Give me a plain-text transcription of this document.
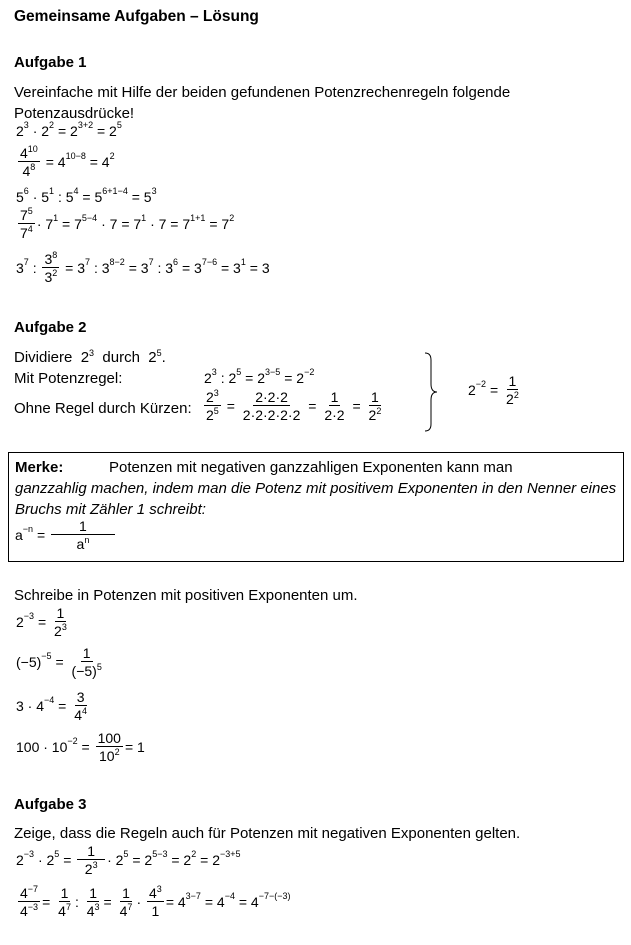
Gemeinsame Aufgaben – Lösung
Aufgabe 1
Vereinfache mit Hilfe der beiden gefundenen Potenzrechenregeln folgende
Potenzausdrücke!
$2^3 \cdot 2^2 = 2^{3+2} = 2^5$
$\frac{4^{10}}{4^8} = 4^{10-8} = 4^2$
$5^6 \cdot 5^1$ : $5^4 = 5^{6+1-4} = 5^3$
$\frac{7^5}{7^4} \cdot 7^1 = 7^{5-4} \cdot 7 = 7^1 \cdot 7 = 7^{1+1} = 7^2$
$3^7$ : $\frac{3^8}{3^2} = 3^7$ : $3^{8-2} = 3^7$ : $3^6 = 3^{7-6} = 3^1 = 3$
Aufgabe 2
Dividiere  $2^3$ durch  $2^5$.
Mit Potenzregel:	$2^3$ : $2^5 = 2^{3-5} = 2^{-2}$
Ohne Regel durch Kürzen: $\frac{2^3}{2^5} = \frac{2\cdot 2\cdot 2}{2\cdot 2\cdot 2\cdot 2\cdot 2} = \frac{1}{2\cdot 2} = \frac{1}{2^2}$	$2^{-2} = \frac{1}{2^2}$
Merke:	Potenzen mit negativen ganzzahligen Exponenten kann man
ganzzahlig machen, indem man die Potenz mit positivem Exponenten in den Nenner eines
Bruchs mit Zähler 1 schreibt:
$a^{-n} = \frac{1}{a^n}$
Schreibe in Potenzen mit positiven Exponenten um.
$2^{-3} = \frac{1}{2^3}$
$(-5)^{-5} = \frac{1}{(-5)^5}$
$3 \cdot 4^{-4} = \frac{3}{4^4}$
$100 \cdot 10^{-2} = \frac{100}{10^2} = 1$
Aufgabe 3
Zeige, dass die Regeln auch für Potenzen mit negativen Exponenten gelten.
$2^{-3} \cdot 2^5 = \frac{1}{2^3} \cdot 2^5 = 2^{5-3} = 2^2 = 2^{-3+5}$
$\frac{4^{-7}}{4^{-3}} = \frac{1}{4^7}$ : $\frac{1}{4^3} = \frac{1}{4^7} \cdot \frac{4^3}{1} = 4^{3-7} = 4^{-4} = 4^{-7-(-3)}$
